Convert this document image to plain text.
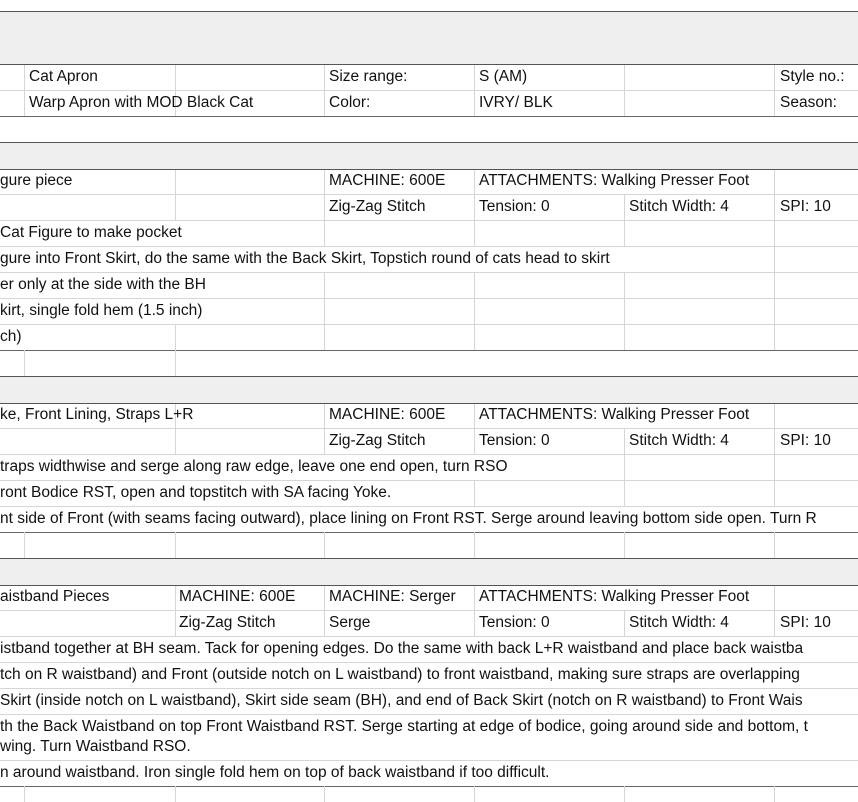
Cat Apron	Size range:	S (AM)	Style no.:
Warp Apron with MOD Black Cat	Color:	IVRY/ BLK	Season:
gure piece	MACHINE: 600E ATTACHMENTS: Walking Presser Foot
Zig-Zag Stitch	Tension: 0	Stitch Width: 4	SPI: 10
Cat Figure to make pocket
gure into Front Skirt, do the same with the Back Skirt, Topstich round of cats head to skirt
er only at the side with the BH
kirt, single fold hem (1.5 inch)
ch)
ke, Front Lining, Straps L+R	MACHINE: 600E ATTACHMENTS: Walking Presser Foot
Zig-Zag Stitch	Tension: 0	Stitch Width: 4	SPI: 10
traps widthwise and serge along raw edge, leave one end open, turn RSO
ront Bodice RST, open and topstitch with SA facing Yoke.
nt side of Front (with seams facing outward), place lining on Front RST. Serge around leaving bottom side open. Turn R
aistband Pieces	MACHINE: 600E MACHINE: Serger ATTACHMENTS: Walking Presser Foot
Zig-Zag Stitch	Serge	Tension: 0	Stitch Width: 4	SPI: 10
istband together at BH seam. Tack for opening edges. Do the same with back L+R waistband and place back waistba
tch on R waistband) and Front (outside notch on L waistband) to front waistband, making sure straps are overlapping
Skirt (inside notch on L waistband), Skirt side seam (BH), and end of Back Skirt (notch on R waistband) to Front Wais
th the Back Waistband on top Front Waistband RST. Serge starting at edge of bodice, going around side and bottom, t
wing. Turn Waistband RSO.
n around waistband. Iron single fold hem on top of back waistband if too difficult.
